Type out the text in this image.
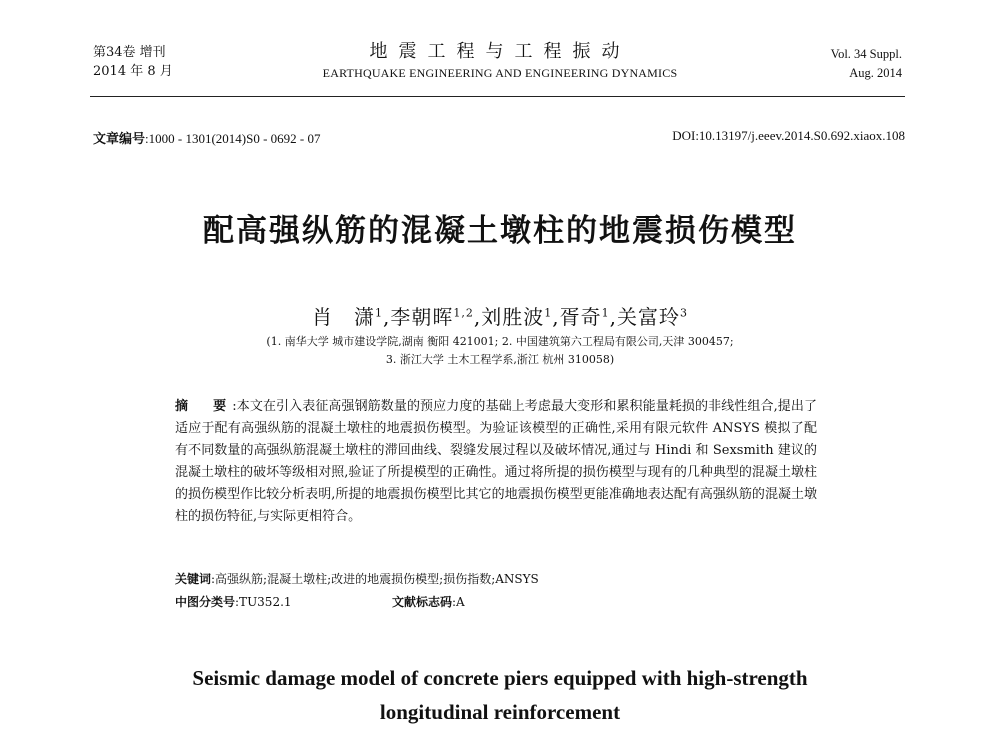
第34卷 增刊
2014 年 8 月
地震工程与工程振动
EARTHQUAKE ENGINEERING AND ENGINEERING DYNAMICS
Vol. 34 Suppl.
Aug. 2014
文章编号:1000 - 1301(2014)S0 - 0692 - 07	DOI:10.13197/j.eeev.2014.S0.692.xiaox.108
配高强纵筋的混凝土墩柱的地震损伤模型
肖　潇$^1$,李朝晖$^{1,2}$,刘胜波$^1$,胥奇$^1$,关富玲$^3$
(1. 南华大学 城市建设学院,湖南 衡阳 421001; 2. 中国建筑第六工程局有限公司,天津 300457;
3. 浙江大学 土木工程学系,浙江 杭州 310058)

摘　要:本文在引入表征高强钢筋数量的预应力度的基础上考虑最大变形和累积能量耗损的非线性组合,提出了适应于配有高强纵筋的混凝土墩柱的地震损伤模型。为验证该模型的正确性,采用有限元软件 ANSYS 模拟了配有不同数量的高强纵筋混凝土墩柱的滞回曲线、裂缝发展过程以及破坏情况,通过与 Hindi 和 Sexsmith 建议的混凝土墩柱的破坏等级相对照,验证了所提模型的正确性。通过将所提的损伤模型与现有的几种典型的混凝土墩柱的损伤模型作比较分析表明,所提的地震损伤模型比其它的地震损伤模型更能准确地表达配有高强纵筋的混凝土墩柱的损伤特征,与实际更相符合。

关键词:高强纵筋;混凝土墩柱;改进的地震损伤模型;损伤指数;ANSYS
中图分类号:TU352.1	文献标志码:A
Seismic damage model of concrete piers equipped with high-strength
longitudinal reinforcement
